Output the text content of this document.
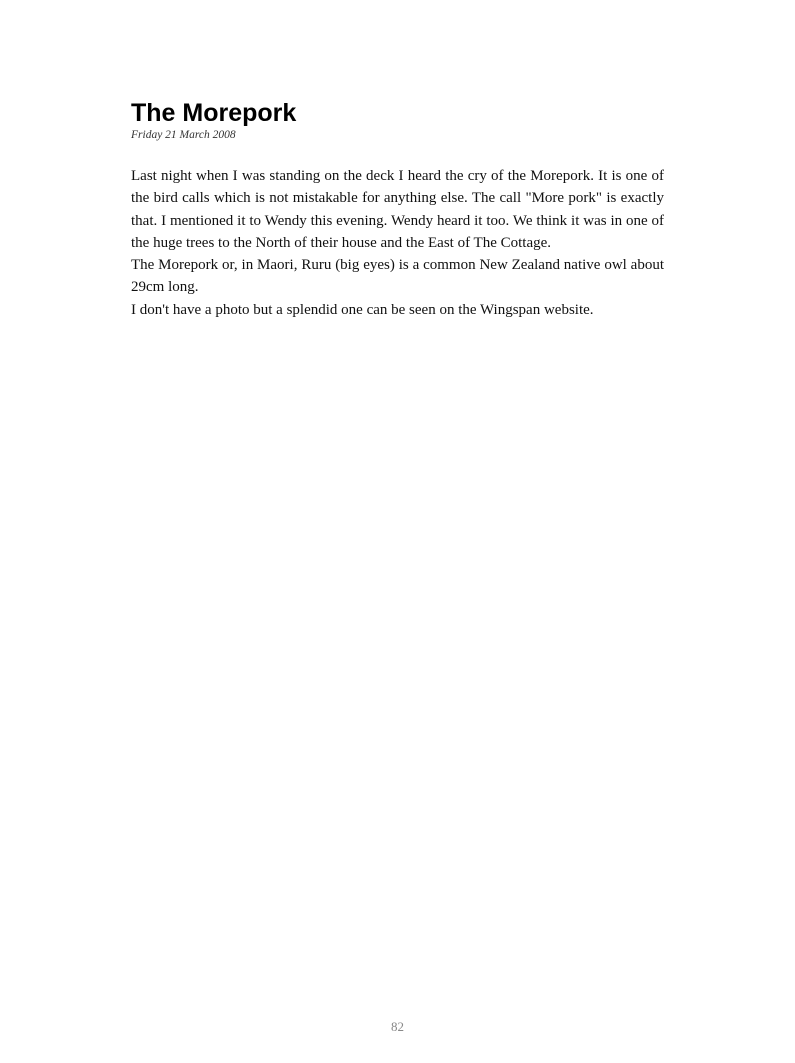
The Morepork

Friday 21 March 2008

Last night when I was standing on the deck I heard the cry of the Morepork. It is one of the bird calls which is not mistakable for anything else. The call "More pork" is exactly that. I mentioned it to Wendy this evening. Wendy heard it too. We think it was in one of the huge trees to the North of their house and the East of The Cottage.

The Morepork or, in Maori, Ruru (big eyes) is a common New Zealand native owl about 29cm long.

I don't have a photo but a splendid one can be seen on the Wingspan website.

82
